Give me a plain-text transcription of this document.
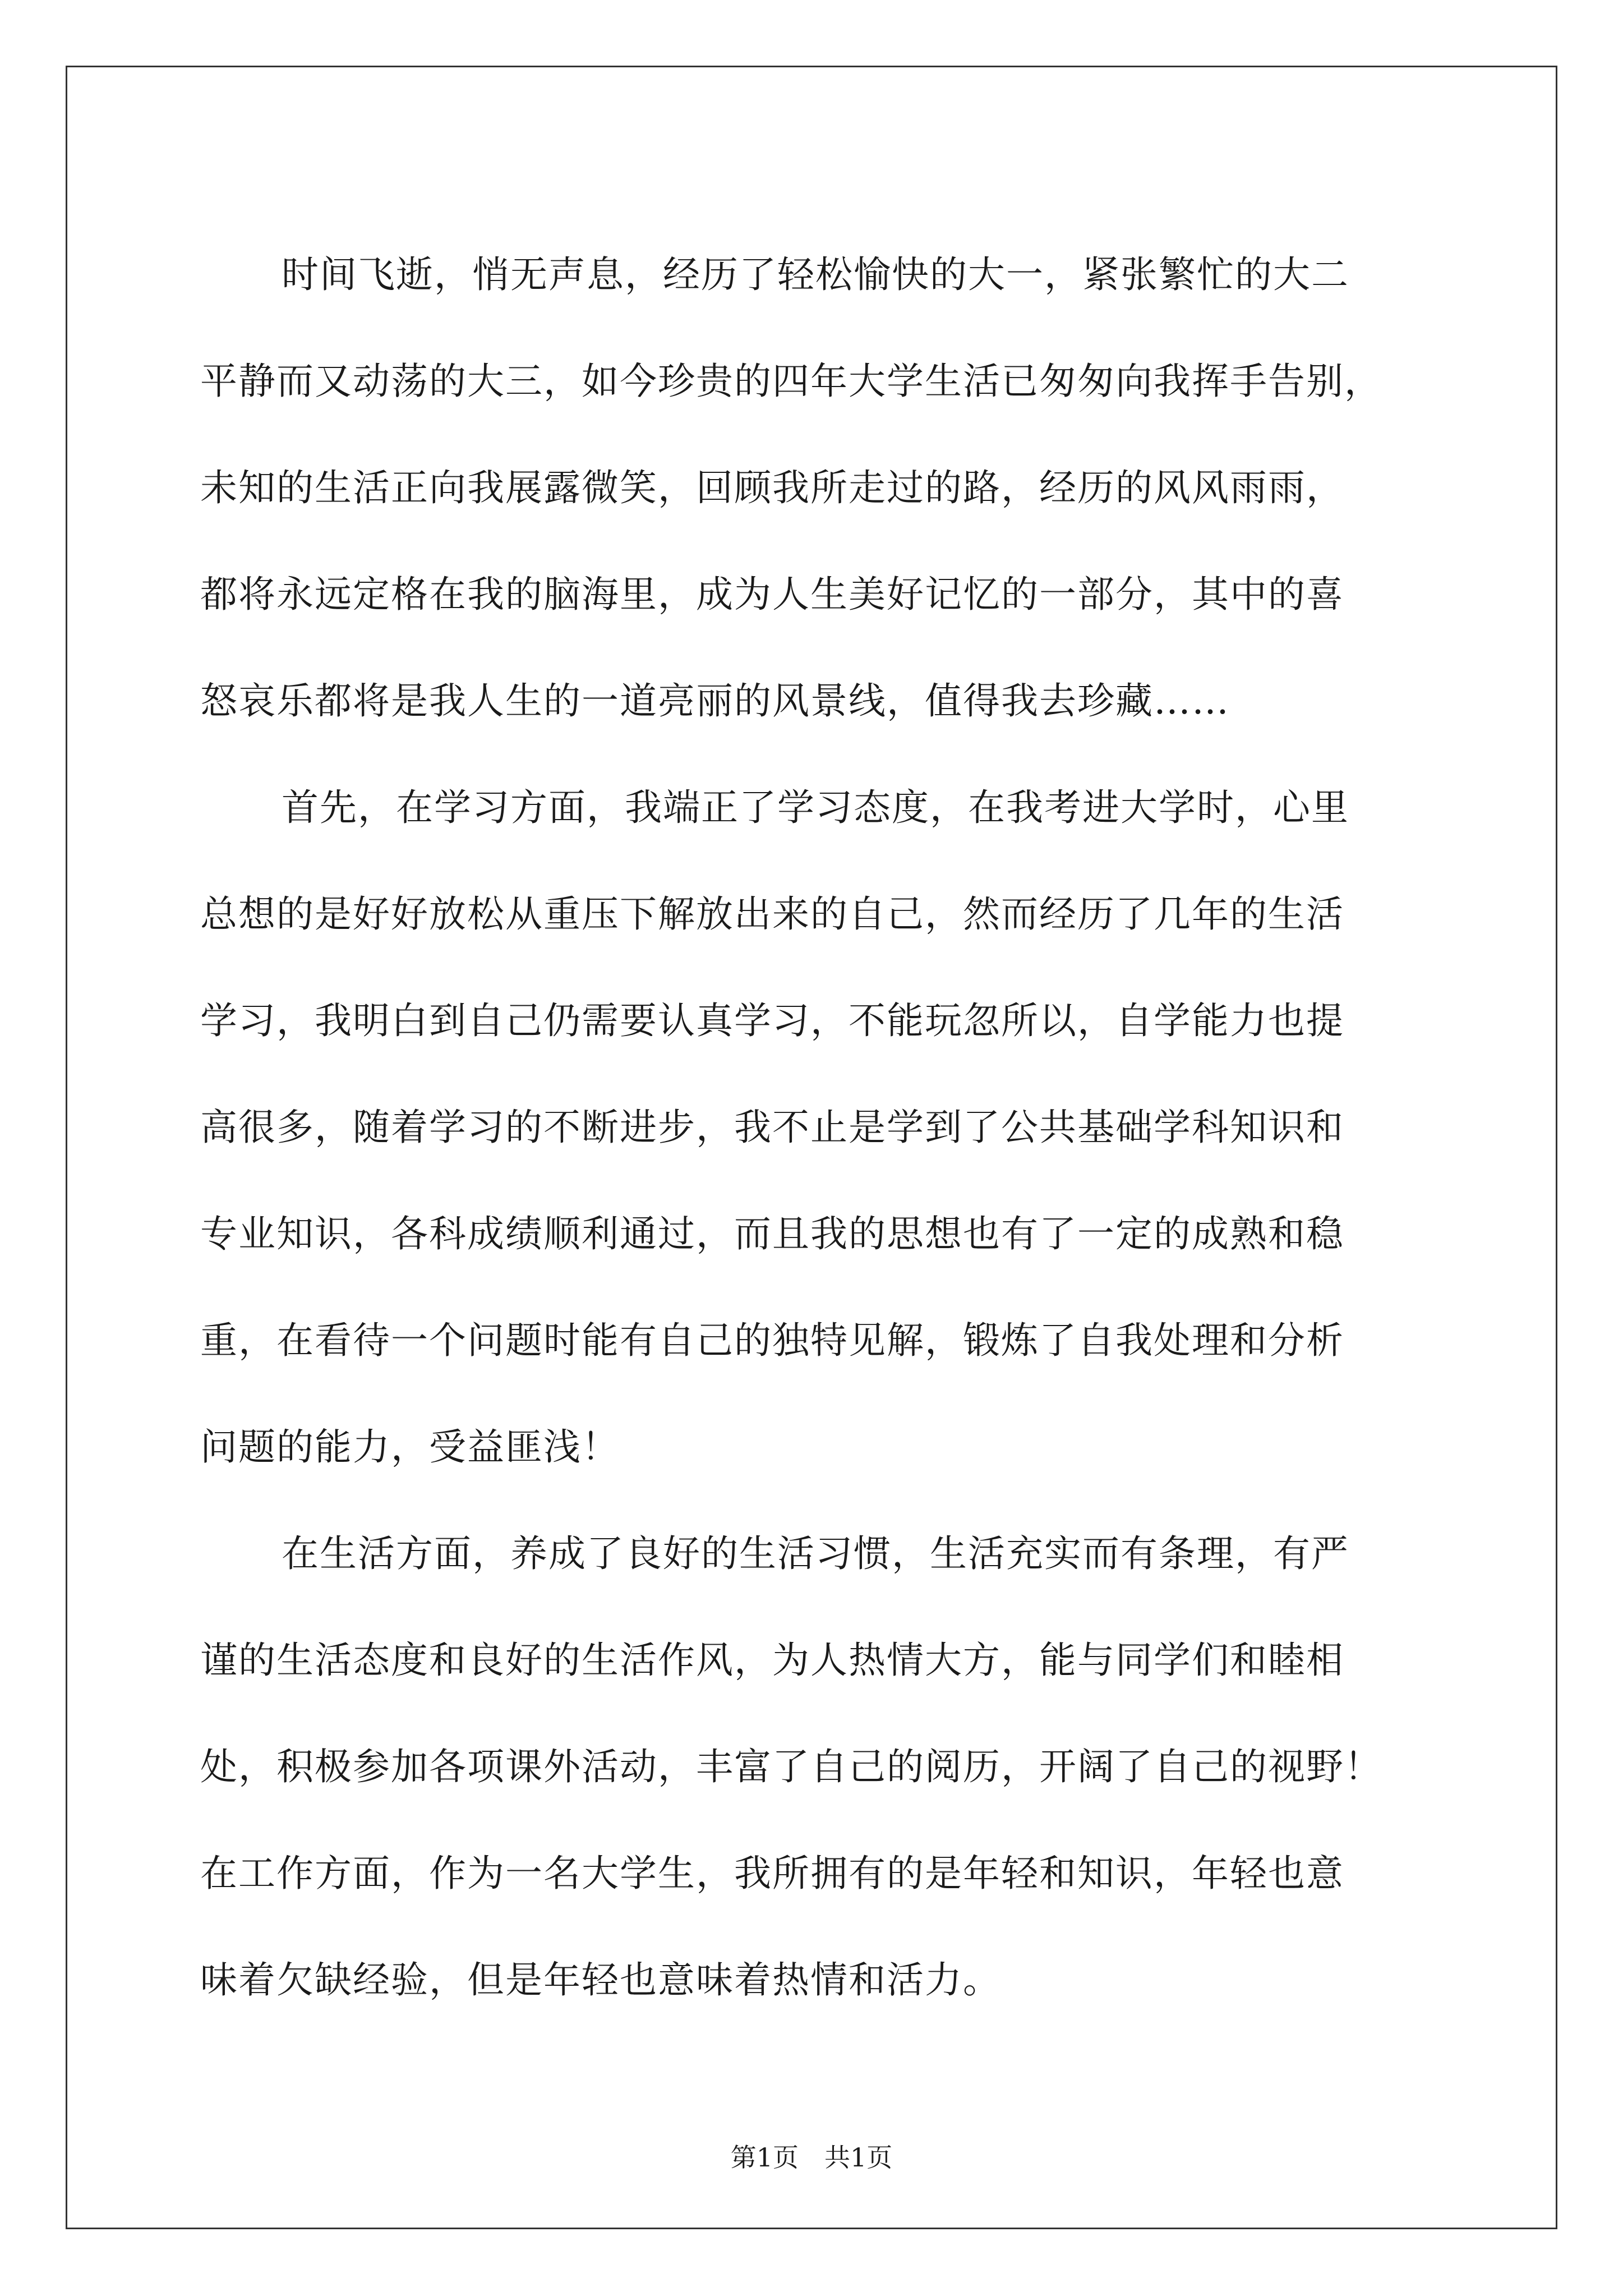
时间飞逝，悄无声息，经历了轻松愉快的大一，紧张繁忙的大二
平静而又动荡的大三，如今珍贵的四年大学生活已匆匆向我挥手告别，
未知的生活正向我展露微笑，回顾我所走过的路，经历的风风雨雨，
都将永远定格在我的脑海里，成为人生美好记忆的一部分，其中的喜
怒哀乐都将是我人生的一道亮丽的风景线，值得我去珍藏……
首先，在学习方面，我端正了学习态度，在我考进大学时，心里
总想的是好好放松从重压下解放出来的自己，然而经历了几年的生活
学习，我明白到自己仍需要认真学习，不能玩忽所以，自学能力也提
高很多，随着学习的不断进步，我不止是学到了公共基础学科知识和
专业知识，各科成绩顺利通过，而且我的思想也有了一定的成熟和稳
重，在看待一个问题时能有自己的独特见解，锻炼了自我处理和分析
问题的能力，受益匪浅！
在生活方面，养成了良好的生活习惯，生活充实而有条理，有严
谨的生活态度和良好的生活作风，为人热情大方，能与同学们和睦相
处，积极参加各项课外活动，丰富了自己的阅历，开阔了自己的视野！
在工作方面，作为一名大学生，我所拥有的是年轻和知识，年轻也意
味着欠缺经验，但是年轻也意味着热情和活力。
第1页　共1页
